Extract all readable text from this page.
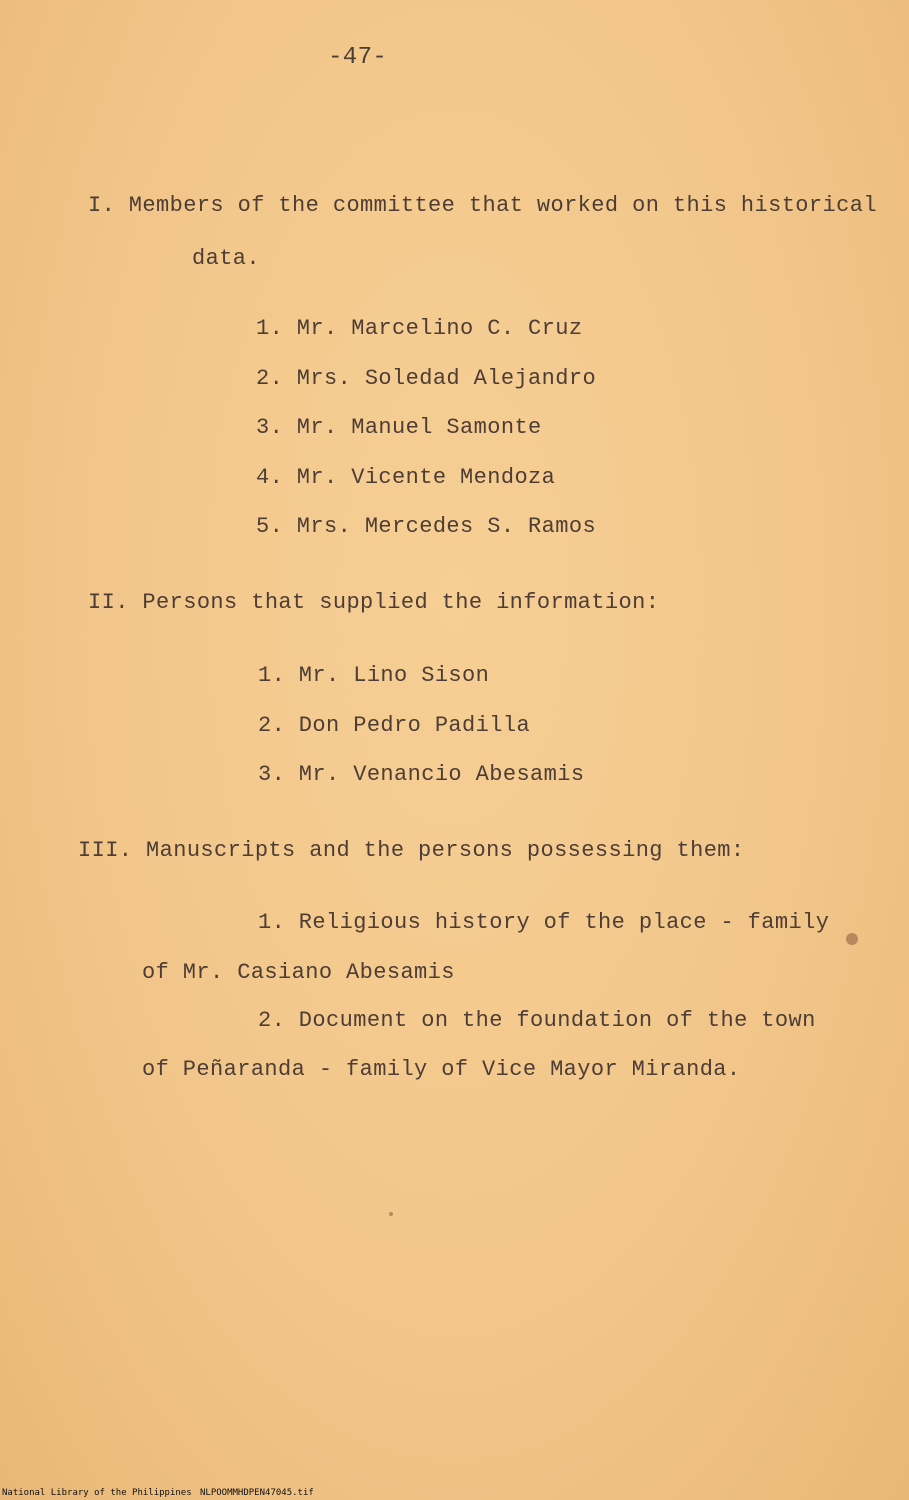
-47-
I. Members of the committee that worked on this historical
data.
1. Mr. Marcelino C. Cruz
2. Mrs. Soledad Alejandro
3. Mr. Manuel Samonte
4. Mr. Vicente Mendoza
5. Mrs. Mercedes S. Ramos
II. Persons that supplied the information:
1. Mr. Lino Sison
2. Don Pedro Padilla
3. Mr. Venancio Abesamis
III. Manuscripts and the persons possessing them:
1. Religious history of the place - family
of Mr. Casiano Abesamis
2. Document on the foundation of the town
of Peñaranda - family of Vice Mayor Miranda.
National Library of the Philippines NLPOOMMHDPEN47045.tif
